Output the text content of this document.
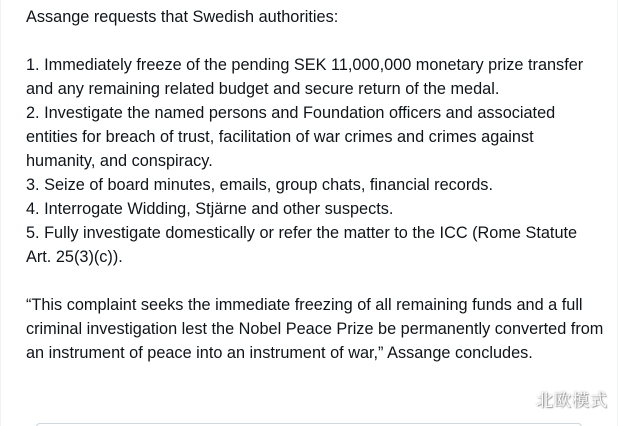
Assange requests that Swedish authorities:

1. Immediately freeze of the pending SEK 11,000,000 monetary prize transfer and any remaining related budget and secure return of the medal.
2. Investigate the named persons and Foundation officers and associated entities for breach of trust, facilitation of war crimes and crimes against humanity, and conspiracy.
3. Seize of board minutes, emails, group chats, financial records.
4. Interrogate Widding, Stjärne and other suspects.
5. Fully investigate domestically or refer the matter to the ICC (Rome Statute Art. 25(3)(c)).

“This complaint seeks the immediate freezing of all remaining funds and a full criminal investigation lest the Nobel Peace Prize be permanently converted from an instrument of peace into an instrument of war,” Assange concludes.

北欧模式
